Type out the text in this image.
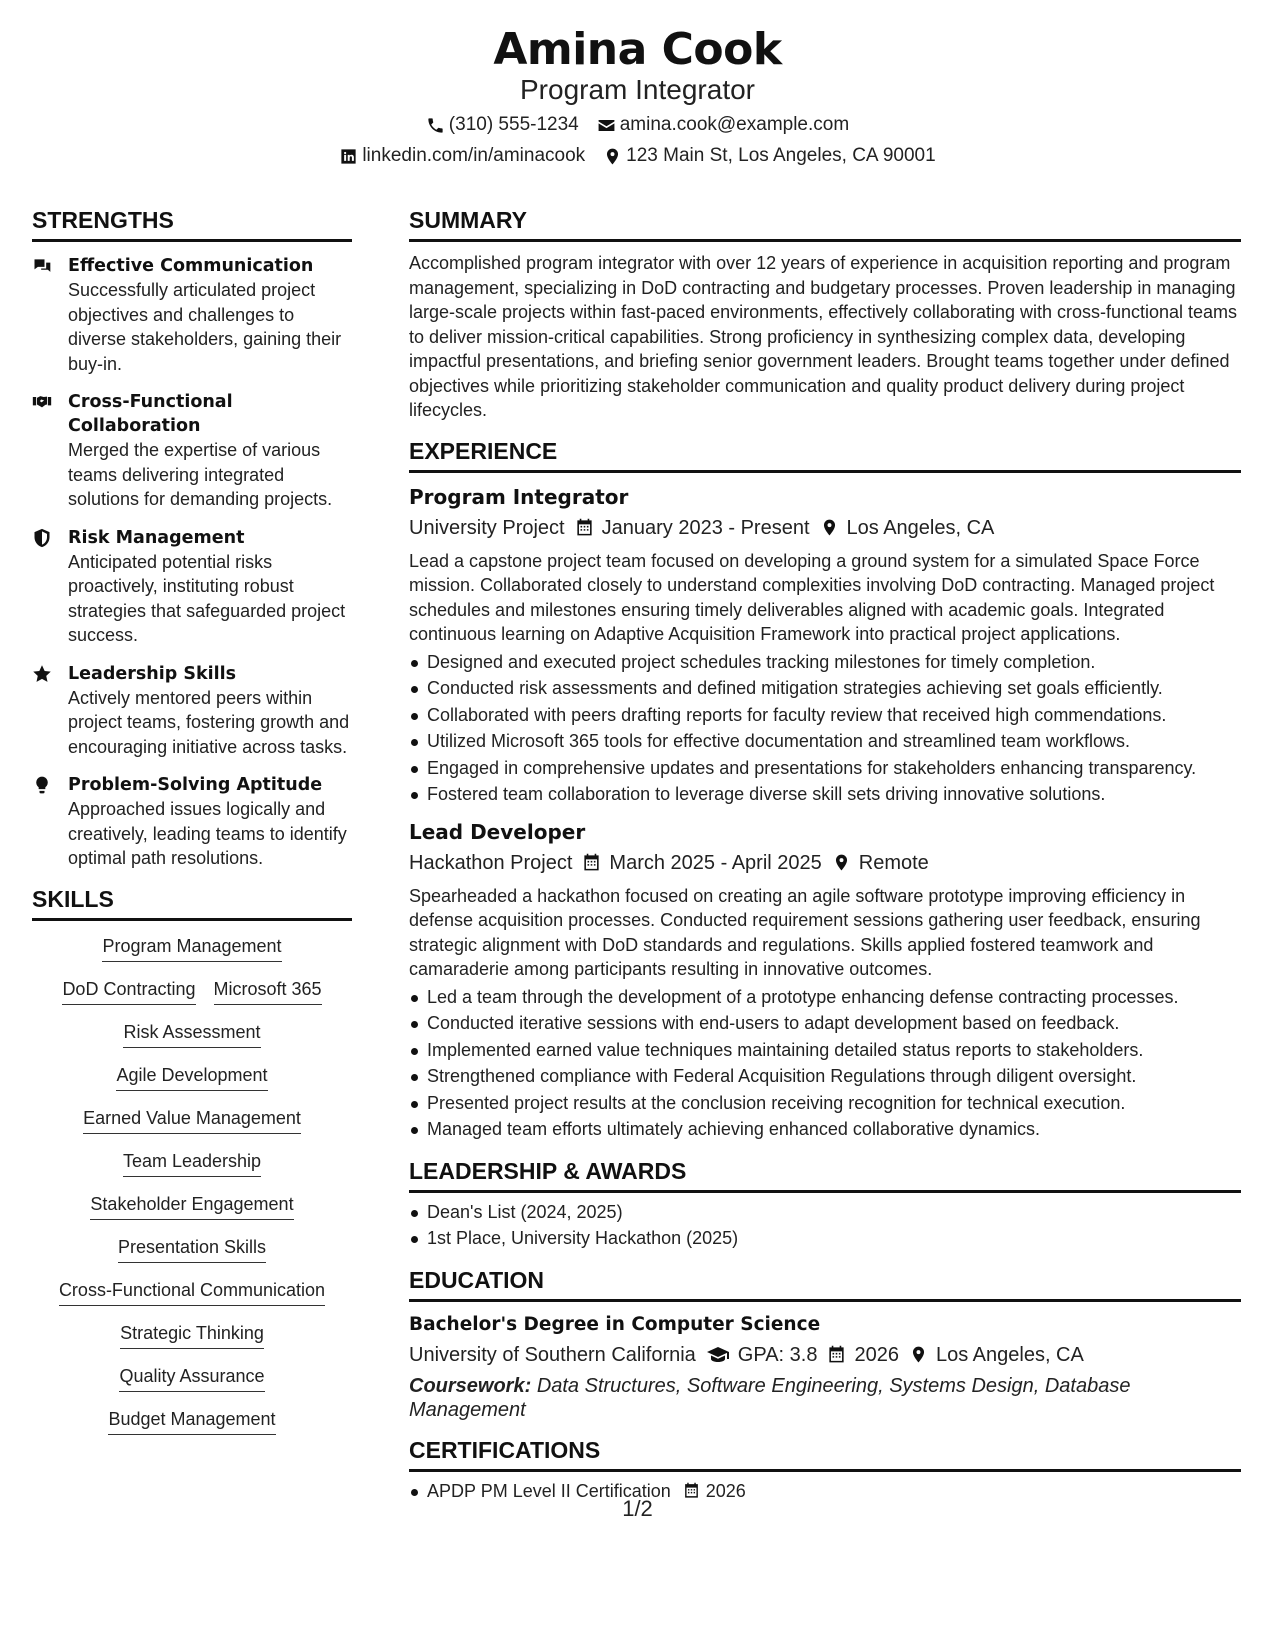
Amina Cook
Program Integrator
(310) 555-1234 amina.cook@example.com
linkedin.com/in/aminacook 123 Main St, Los Angeles, CA 90001
STRENGTHS
Effective Communication
Successfully articulated project objectives and challenges to diverse stakeholders, gaining their buy-in.
Cross-Functional Collaboration
Merged the expertise of various teams delivering integrated solutions for demanding projects.
Risk Management
Anticipated potential risks proactively, instituting robust strategies that safeguarded project success.
Leadership Skills
Actively mentored peers within project teams, fostering growth and encouraging initiative across tasks.
Problem-Solving Aptitude
Approached issues logically and creatively, leading teams to identify optimal path resolutions.
SKILLS
Program Management
DoD Contracting Microsoft 365
Risk Assessment
Agile Development
Earned Value Management
Team Leadership
Stakeholder Engagement
Presentation Skills
Cross-Functional Communication
Strategic Thinking
Quality Assurance
Budget Management
SUMMARY
Accomplished program integrator with over 12 years of experience in acquisition reporting and program management, specializing in DoD contracting and budgetary processes. Proven leadership in managing large-scale projects within fast-paced environments, effectively collaborating with cross-functional teams to deliver mission-critical capabilities. Strong proficiency in synthesizing complex data, developing impactful presentations, and briefing senior government leaders. Brought teams together under defined objectives while prioritizing stakeholder communication and quality product delivery during project lifecycles.
EXPERIENCE
Program Integrator
University Project January 2023 - Present Los Angeles, CA
Lead a capstone project team focused on developing a ground system for a simulated Space Force mission. Collaborated closely to understand complexities involving DoD contracting. Managed project schedules and milestones ensuring timely deliverables aligned with academic goals. Integrated continuous learning on Adaptive Acquisition Framework into practical project applications.
Designed and executed project schedules tracking milestones for timely completion.
Conducted risk assessments and defined mitigation strategies achieving set goals efficiently.
Collaborated with peers drafting reports for faculty review that received high commendations.
Utilized Microsoft 365 tools for effective documentation and streamlined team workflows.
Engaged in comprehensive updates and presentations for stakeholders enhancing transparency.
Fostered team collaboration to leverage diverse skill sets driving innovative solutions.
Lead Developer
Hackathon Project March 2025 - April 2025 Remote
Spearheaded a hackathon focused on creating an agile software prototype improving efficiency in defense acquisition processes. Conducted requirement sessions gathering user feedback, ensuring strategic alignment with DoD standards and regulations. Skills applied fostered teamwork and camaraderie among participants resulting in innovative outcomes.
Led a team through the development of a prototype enhancing defense contracting processes.
Conducted iterative sessions with end-users to adapt development based on feedback.
Implemented earned value techniques maintaining detailed status reports to stakeholders.
Strengthened compliance with Federal Acquisition Regulations through diligent oversight.
Presented project results at the conclusion receiving recognition for technical execution.
Managed team efforts ultimately achieving enhanced collaborative dynamics.
LEADERSHIP & AWARDS
Dean's List (2024, 2025)
1st Place, University Hackathon (2025)
EDUCATION
Bachelor's Degree in Computer Science
University of Southern California GPA: 3.8 2026 Los Angeles, CA
Coursework: Data Structures, Software Engineering, Systems Design, Database Management
CERTIFICATIONS
APDP PM Level II Certification 2026
1/2
